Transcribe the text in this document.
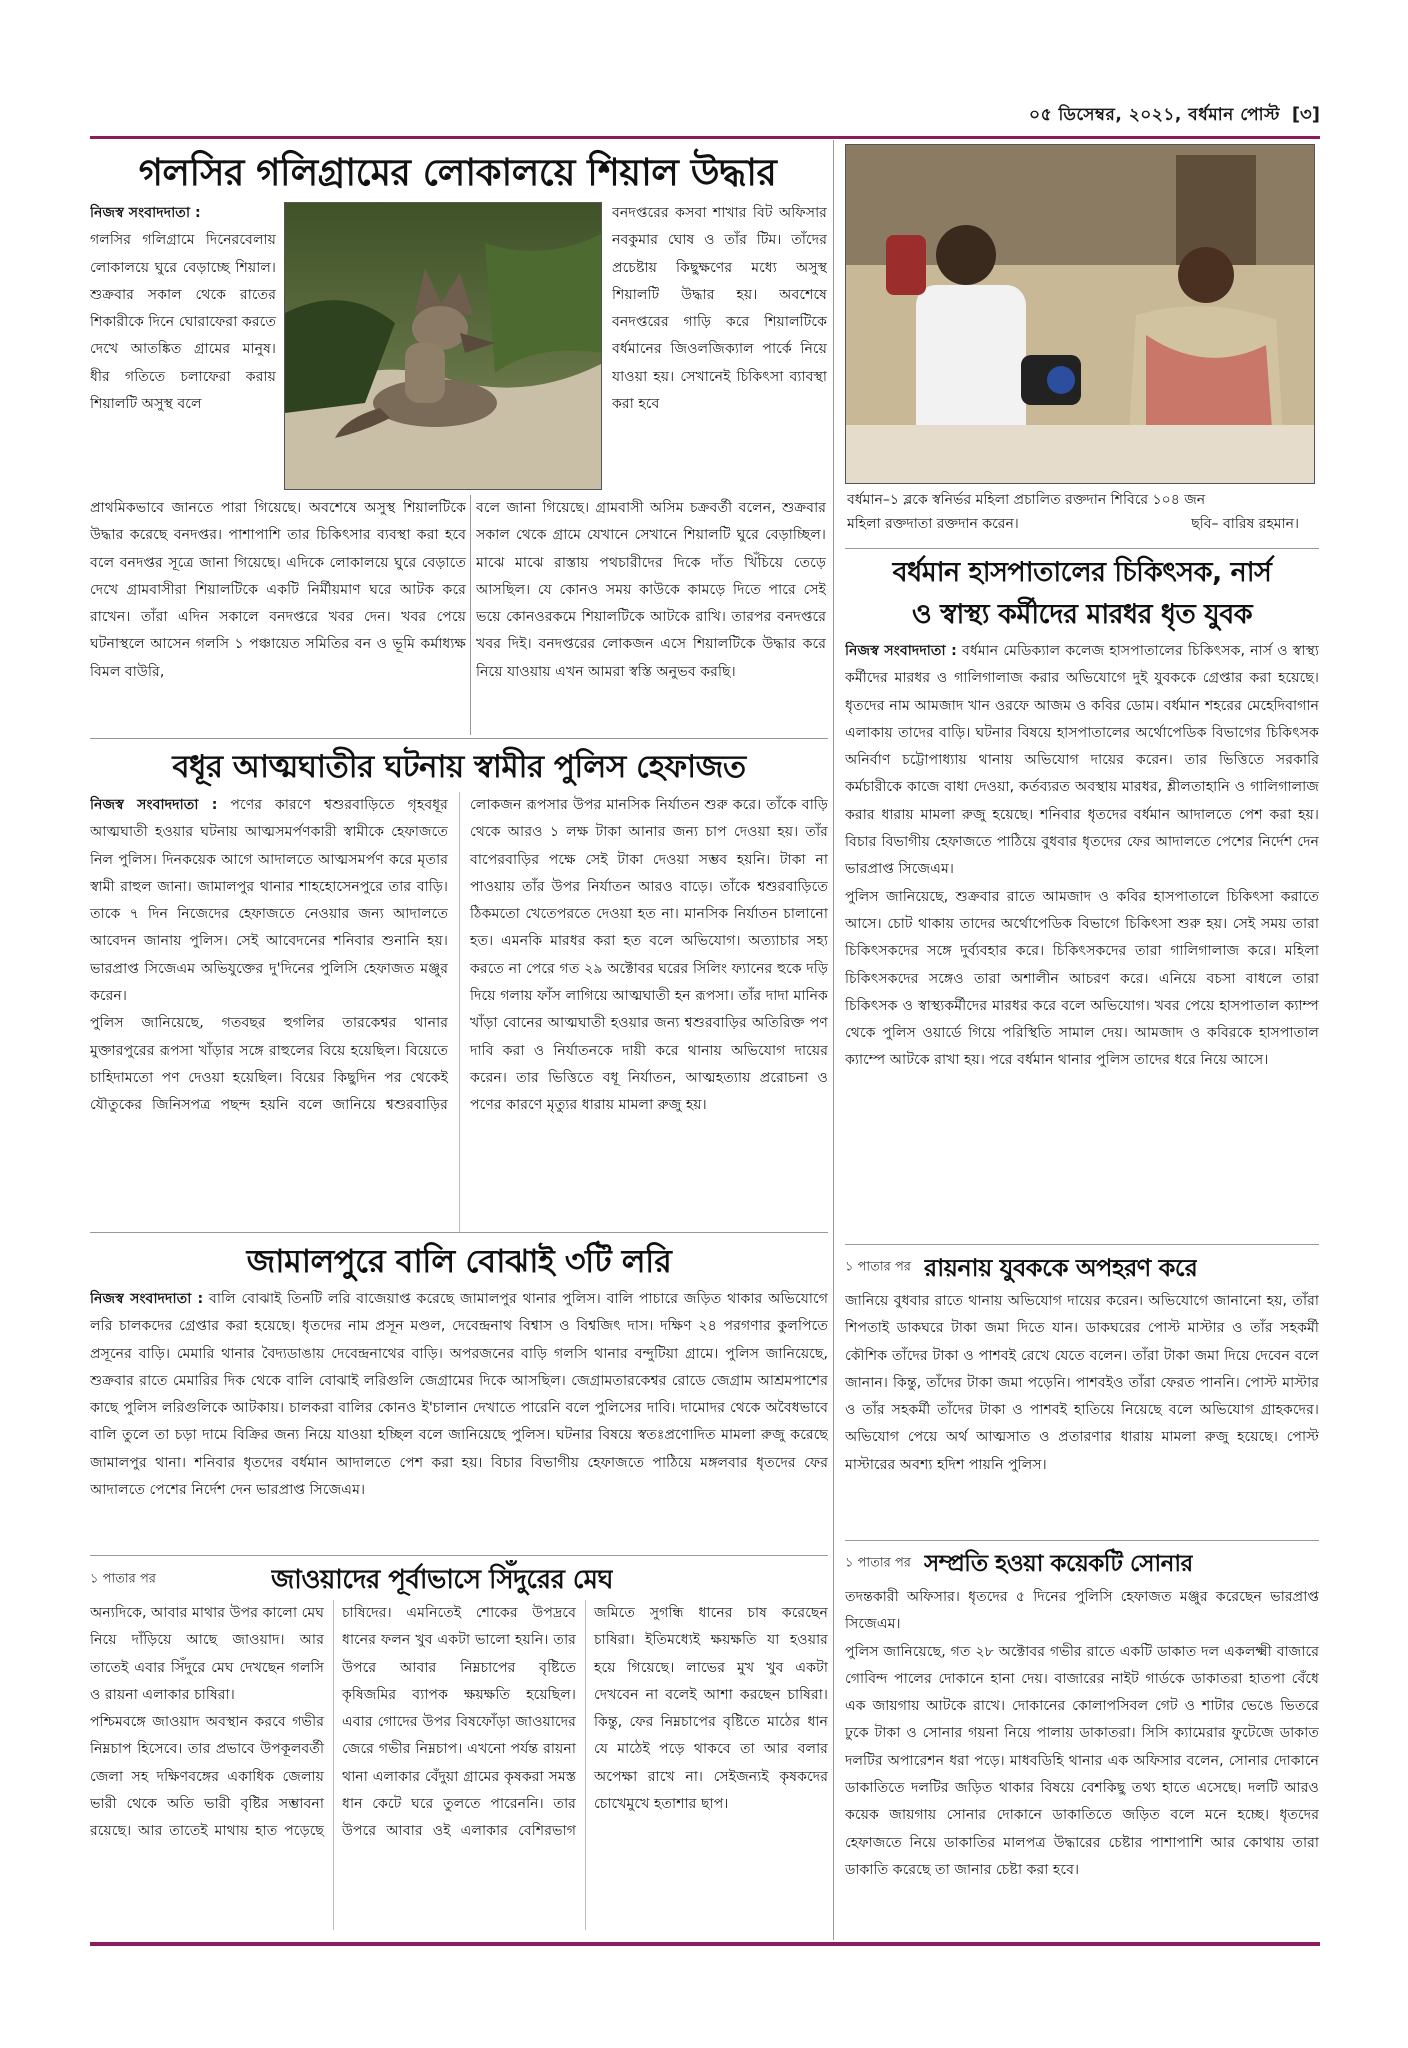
০৫ ডিসেম্বর, ২০২১, বর্ধমান পোস্ট [৩]
গলসির গলিগ্রামের লোকালয়ে শিয়াল উদ্ধার

নিজস্ব সংবাদদাতা :
গলসির গলিগ্রামে দিনেরবেলায় লোকালয়ে ঘুরে বেড়াচ্ছে শিয়াল। শুক্রবার সকাল থেকে রাতের শিকারীকে দিনে ঘোরাফেরা করতে দেখে আতঙ্কিত গ্রামের মানুষ। ধীর গতিতে চলাফেরা করায় শিয়ালটি অসুস্থ বলে

বনদপ্তরের কসবা শাখার বিট অফিসার নবকুমার ঘোষ ও তাঁর টিম। তাঁদের প্রচেষ্টায় কিছুক্ষণের মধ্যে অসুস্থ শিয়ালটি উদ্ধার হয়। অবশেষে বনদপ্তরের গাড়ি করে শিয়ালটিকে বর্ধমানের জিওলজিক্যাল পার্কে নিয়ে যাওয়া হয়। সেখানেই চিকিৎসা ব্যাবস্থা করা হবে
প্রাথমিকভাবে জানতে পারা গিয়েছে। অবশেষে অসুস্থ শিয়ালটিকে উদ্ধার করেছে বনদপ্তর। পাশাপাশি তার চিকিৎসার ব্যবস্থা করা হবে বলে বনদপ্তর সূত্রে জানা গিয়েছে। এদিকে লোকালয়ে ঘুরে বেড়াতে দেখে গ্রামবাসীরা শিয়ালটিকে একটি নির্মীয়মাণ ঘরে আটক করে রাখেন। তাঁরা এদিন সকালে বনদপ্তরে খবর দেন। খবর পেয়ে ঘটনাস্থলে আসেন গলসি ১ পঞ্চায়েত সমিতির বন ও ভূমি কর্মাধ্যক্ষ বিমল বাউরি,
বলে জানা গিয়েছে। গ্রামবাসী অসিম চক্রবর্তী বলেন, শুক্রবার সকাল থেকে গ্রামে যেখানে সেখানে শিয়ালটি ঘুরে বেড়াচ্ছিল। মাঝে মাঝে রাস্তায় পথচারীদের দিকে দাঁত খিঁচিয়ে তেড়ে আসছিল। যে কোনও সময় কাউকে কামড়ে দিতে পারে সেই ভয়ে কোনওরকমে শিয়ালটিকে আটকে রাখি। তারপর বনদপ্তরে খবর দিই। বনদপ্তরের লোকজন এসে শিয়ালটিকে উদ্ধার করে নিয়ে যাওয়ায় এখন আমরা স্বস্তি অনুভব করছি।
বধূর আত্মঘাতীর ঘটনায় স্বামীর পুলিস হেফাজত

নিজস্ব সংবাদদাতা : পণের কারণে শ্বশুরবাড়িতে গৃহবধূর আত্মঘাতী হওয়ার ঘটনায় আত্মসমর্পণকারী স্বামীকে হেফাজতে নিল পুলিস। দিনকয়েক আগে আদালতে আত্মসমর্পণ করে মৃতার স্বামী রাহুল জানা। জামালপুর থানার শাহহোসেনপুরে তার বাড়ি। তাকে ৭ দিন নিজেদের হেফাজতে নেওয়ার জন্য আদালতে আবেদন জানায় পুলিস। সেই আবেদনের শনিবার শুনানি হয়। ভারপ্রাপ্ত সিজেএম অভিযুক্তের দু'দিনের পুলিসি হেফাজত মঞ্জুর করেন।

পুলিস জানিয়েছে, গতবছর হুগলির তারকেশ্বর থানার মুক্তারপুরের রূপসা খাঁড়ার সঙ্গে রাহুলের বিয়ে হয়েছিল। বিয়েতে চাহিদামতো পণ দেওয়া হয়েছিল। বিয়ের কিছুদিন পর থেকেই যৌতুকের জিনিসপত্র পছন্দ হয়নি বলে জানিয়ে শ্বশুরবাড়ির লোকজন রূপসার উপর মানসিক নির্যাতন শুরু করে। তাঁকে বাড়ি থেকে আরও ১ লক্ষ টাকা আনার জন্য চাপ দেওয়া হয়। তাঁর বাপেরবাড়ির পক্ষে সেই টাকা দেওয়া সম্ভব হয়নি। টাকা না পাওয়ায় তাঁর উপর নির্যাতন আরও বাড়ে। তাঁকে শ্বশুরবাড়িতে ঠিকমতো খেতেপরতে দেওয়া হত না। মানসিক নির্যাতন চালানো হত। এমনকি মারধর করা হত বলে অভিযোগ। অত্যাচার সহ্য করতে না পেরে গত ২৯ অক্টোবর ঘরের সিলিং ফ্যানের হুকে দড়ি দিয়ে গলায় ফাঁস লাগিয়ে আত্মঘাতী হন রূপসা। তাঁর দাদা মানিক খাঁড়া বোনের আত্মঘাতী হওয়ার জন্য শ্বশুরবাড়ির অতিরিক্ত পণ দাবি করা ও নির্যাতনকে দায়ী করে থানায় অভিযোগ দায়ের করেন। তার ভিত্তিতে বধূ নির্যাতন, আত্মহত্যায় প্ররোচনা ও পণের কারণে মৃত্যুর ধারায় মামলা রুজু হয়।

জামালপুরে বালি বোঝাই ৩টি লরি

নিজস্ব সংবাদদাতা : বালি বোঝাই তিনটি লরি বাজেয়াপ্ত করেছে জামালপুর থানার পুলিস। বালি পাচারে জড়িত থাকার অভিযোগে লরি চালকদের গ্রেপ্তার করা হয়েছে। ধৃতদের নাম প্রসূন মণ্ডল, দেবেন্দ্রনাথ বিশ্বাস ও বিশ্বজিৎ দাস। দক্ষিণ ২৪ পরগণার কুলপিতে প্রসূনের বাড়ি। মেমারি থানার বৈদ্যডাঙায় দেবেন্দ্রনাথের বাড়ি। অপরজনের বাড়ি গলসি থানার বন্দুটিয়া গ্রামে। পুলিস জানিয়েছে, শুক্রবার রাতে মেমারির দিক থেকে বালি বোঝাই লরিগুলি জেগ্রামের দিকে আসছিল। জেগ্রামতারকেশ্বর রোডে জেগ্রাম আশ্রমপাশের কাছে পুলিস লরিগুলিকে আটকায়। চালকরা বালির কোনও ই'চালান দেখাতে পারেনি বলে পুলিসের দাবি। দামোদর থেকে অবৈধভাবে বালি তুলে তা চড়া দামে বিক্রির জন্য নিয়ে যাওয়া হচ্ছিল বলে জানিয়েছে পুলিস। ঘটনার বিষয়ে স্বতঃপ্রণোদিত মামলা রুজু করেছে জামালপুর থানা। শনিবার ধৃতদের বর্ধমান আদালতে পেশ করা হয়। বিচার বিভাগীয় হেফাজতে পাঠিয়ে মঙ্গলবার ধৃতদের ফের আদালতে পেশের নির্দেশ দেন ভারপ্রাপ্ত সিজেএম।

১ পাতার পর	জাওয়াদের পূর্বাভাসে সিঁদুরের মেঘ

অন্যদিকে, আবার মাথার উপর কালো মেঘ নিয়ে দাঁড়িয়ে আছে জাওয়াদ। আর তাতেই এবার সিঁদুরে মেঘ দেখছেন গলসি ও রায়না এলাকার চাষিরা।

পশ্চিমবঙ্গে জাওয়াদ অবস্থান করবে গভীর নিম্নচাপ হিসেবে। তার প্রভাবে উপকূলবর্তী জেলা সহ দক্ষিণবঙ্গের একাধিক জেলায় ভারী থেকে অতি ভারী বৃষ্টির সম্ভাবনা রয়েছে। আর তাতেই মাথায় হাত পড়েছে চাষিদের। এমনিতেই শোকের উপদ্রবে ধানের ফলন খুব একটা ভালো হয়নি। তার উপরে আবার নিম্নচাপের বৃষ্টিতে কৃষিজমির ব্যাপক ক্ষয়ক্ষতি হয়েছিল। এবার গোদের উপর বিষফোঁড়া জাওয়াদের জেরে গভীর নিম্নচাপ। এখনো পর্যন্ত রায়না থানা এলাকার বেঁদুয়া গ্রামের কৃষকরা সমস্ত ধান কেটে ঘরে তুলতে পারেননি। তার উপরে আবার ওই এলাকার বেশিরভাগ জমিতে সুগন্ধি ধানের চাষ করেছেন চাষিরা। ইতিমধ্যেই ক্ষয়ক্ষতি যা হওয়ার হয়ে গিয়েছে। লাভের মুখ খুব একটা দেখবেন না বলেই আশা করছেন চাষিরা। কিন্তু, ফের নিম্নচাপের বৃষ্টিতে মাঠের ধান যে মাঠেই পড়ে থাকবে তা আর বলার অপেক্ষা রাখে না। সেইজন্যই কৃষকদের চোখেমুখে হতাশার ছাপ।

বর্ধমান–১ ব্লকে স্বনির্ভর মহিলা প্রচালিত রক্তদান শিবিরে ১০৪ জন
মহিলা রক্তদাতা রক্তদান করেন।	ছবি– বারিষ রহমান।
বর্ধমান হাসপাতালের চিকিৎসক, নার্স
ও স্বাস্থ্য কর্মীদের মারধর ধৃত যুবক

নিজস্ব সংবাদদাতা : বর্ধমান মেডিক্যাল কলেজ হাসপাতালের চিকিৎসক, নার্স ও স্বাস্থ্য কর্মীদের মারধর ও গালিগালাজ করার অভিযোগে দুই যুবককে গ্রেপ্তার করা হয়েছে। ধৃতদের নাম আমজাদ খান ওরফে আজম ও কবির ডোম। বর্ধমান শহরের মেহেদিবাগান এলাকায় তাদের বাড়ি। ঘটনার বিষয়ে হাসপাতালের অর্থোপেডিক বিভাগের চিকিৎসক অনির্বাণ চট্টোপাধ্যায় থানায় অভিযোগ দায়ের করেন। তার ভিত্তিতে সরকারি কর্মচারীকে কাজে বাধা দেওয়া, কর্তব্যরত অবস্থায় মারধর, শ্লীলতাহানি ও গালিগালাজ করার ধারায় মামলা রুজু হয়েছে। শনিবার ধৃতদের বর্ধমান আদালতে পেশ করা হয়। বিচার বিভাগীয় হেফাজতে পাঠিয়ে বুধবার ধৃতদের ফের আদালতে পেশের নির্দেশ দেন ভারপ্রাপ্ত সিজেএম।

পুলিস জানিয়েছে, শুক্রবার রাতে আমজাদ ও কবির হাসপাতালে চিকিৎসা করাতে আসে। চোট থাকায় তাদের অর্থোপেডিক বিভাগে চিকিৎসা শুরু হয়। সেই সময় তারা চিকিৎসকদের সঙ্গে দুর্ব্যবহার করে। চিকিৎসকদের তারা গালিগালাজ করে। মহিলা চিকিৎসকদের সঙ্গেও তারা অশালীন আচরণ করে। এনিয়ে বচসা বাধলে তারা চিকিৎসক ও স্বাস্থ্যকর্মীদের মারধর করে বলে অভিযোগ। খবর পেয়ে হাসপাতাল ক্যাম্প থেকে পুলিস ওয়ার্ডে গিয়ে পরিস্থিতি সামাল দেয়। আমজাদ ও কবিরকে হাসপাতাল ক্যাম্পে আটকে রাখা হয়। পরে বর্ধমান থানার পুলিস তাদের ধরে নিয়ে আসে।

১ পাতার পর রায়নায় যুবককে অপহরণ করে
জানিয়ে বুধবার রাতে থানায় অভিযোগ দায়ের করেন। অভিযোগে জানানো হয়, তাঁরা শিপতাই ডাকঘরে টাকা জমা দিতে যান। ডাকঘরের পোস্ট মাস্টার ও তাঁর সহকর্মী কৌশিক তাঁদের টাকা ও পাশবই রেখে যেতে বলেন। তাঁরা টাকা জমা দিয়ে দেবেন বলে জানান। কিন্তু, তাঁদের টাকা জমা পড়েনি। পাশবইও তাঁরা ফেরত পাননি। পোস্ট মাস্টার ও তাঁর সহকর্মী তাঁদের টাকা ও পাশবই হাতিয়ে নিয়েছে বলে অভিযোগ গ্রাহকদের। অভিযোগ পেয়ে অর্থ আত্মসাত ও প্রতারণার ধারায় মামলা রুজু হয়েছে। পোস্ট মাস্টারের অবশ্য হদিশ পায়নি পুলিস।
১ পাতার পর সম্প্রতি হওয়া কয়েকটি সোনার

তদন্তকারী অফিসার। ধৃতদের ৫ দিনের পুলিসি হেফাজত মঞ্জুর করেছেন ভারপ্রাপ্ত সিজেএম।

পুলিস জানিয়েছে, গত ২৮ অক্টোবর গভীর রাতে একটি ডাকাত দল একলক্ষ্মী বাজারে গোবিন্দ পালের দোকানে হানা দেয়। বাজারের নাইট গার্ডকে ডাকাতরা হাতপা বেঁধে এক জায়গায় আটকে রাখে। দোকানের কোলাপসিবল গেট ও শাটার ভেঙে ভিতরে ঢুকে টাকা ও সোনার গয়না নিয়ে পালায় ডাকাতরা। সিসি ক্যামেরার ফুটেজে ডাকাত দলটির অপারেশন ধরা পড়ে। মাধবডিহি থানার এক অফিসার বলেন, সোনার দোকানে ডাকাতিতে দলটির জড়িত থাকার বিষয়ে বেশকিছু তথ্য হাতে এসেছে। দলটি আরও কয়েক জায়গায় সোনার দোকানে ডাকাতিতে জড়িত বলে মনে হচ্ছে। ধৃতদের হেফাজতে নিয়ে ডাকাতির মালপত্র উদ্ধারের চেষ্টার পাশাপাশি আর কোথায় তারা ডাকাতি করেছে তা জানার চেষ্টা করা হবে।
